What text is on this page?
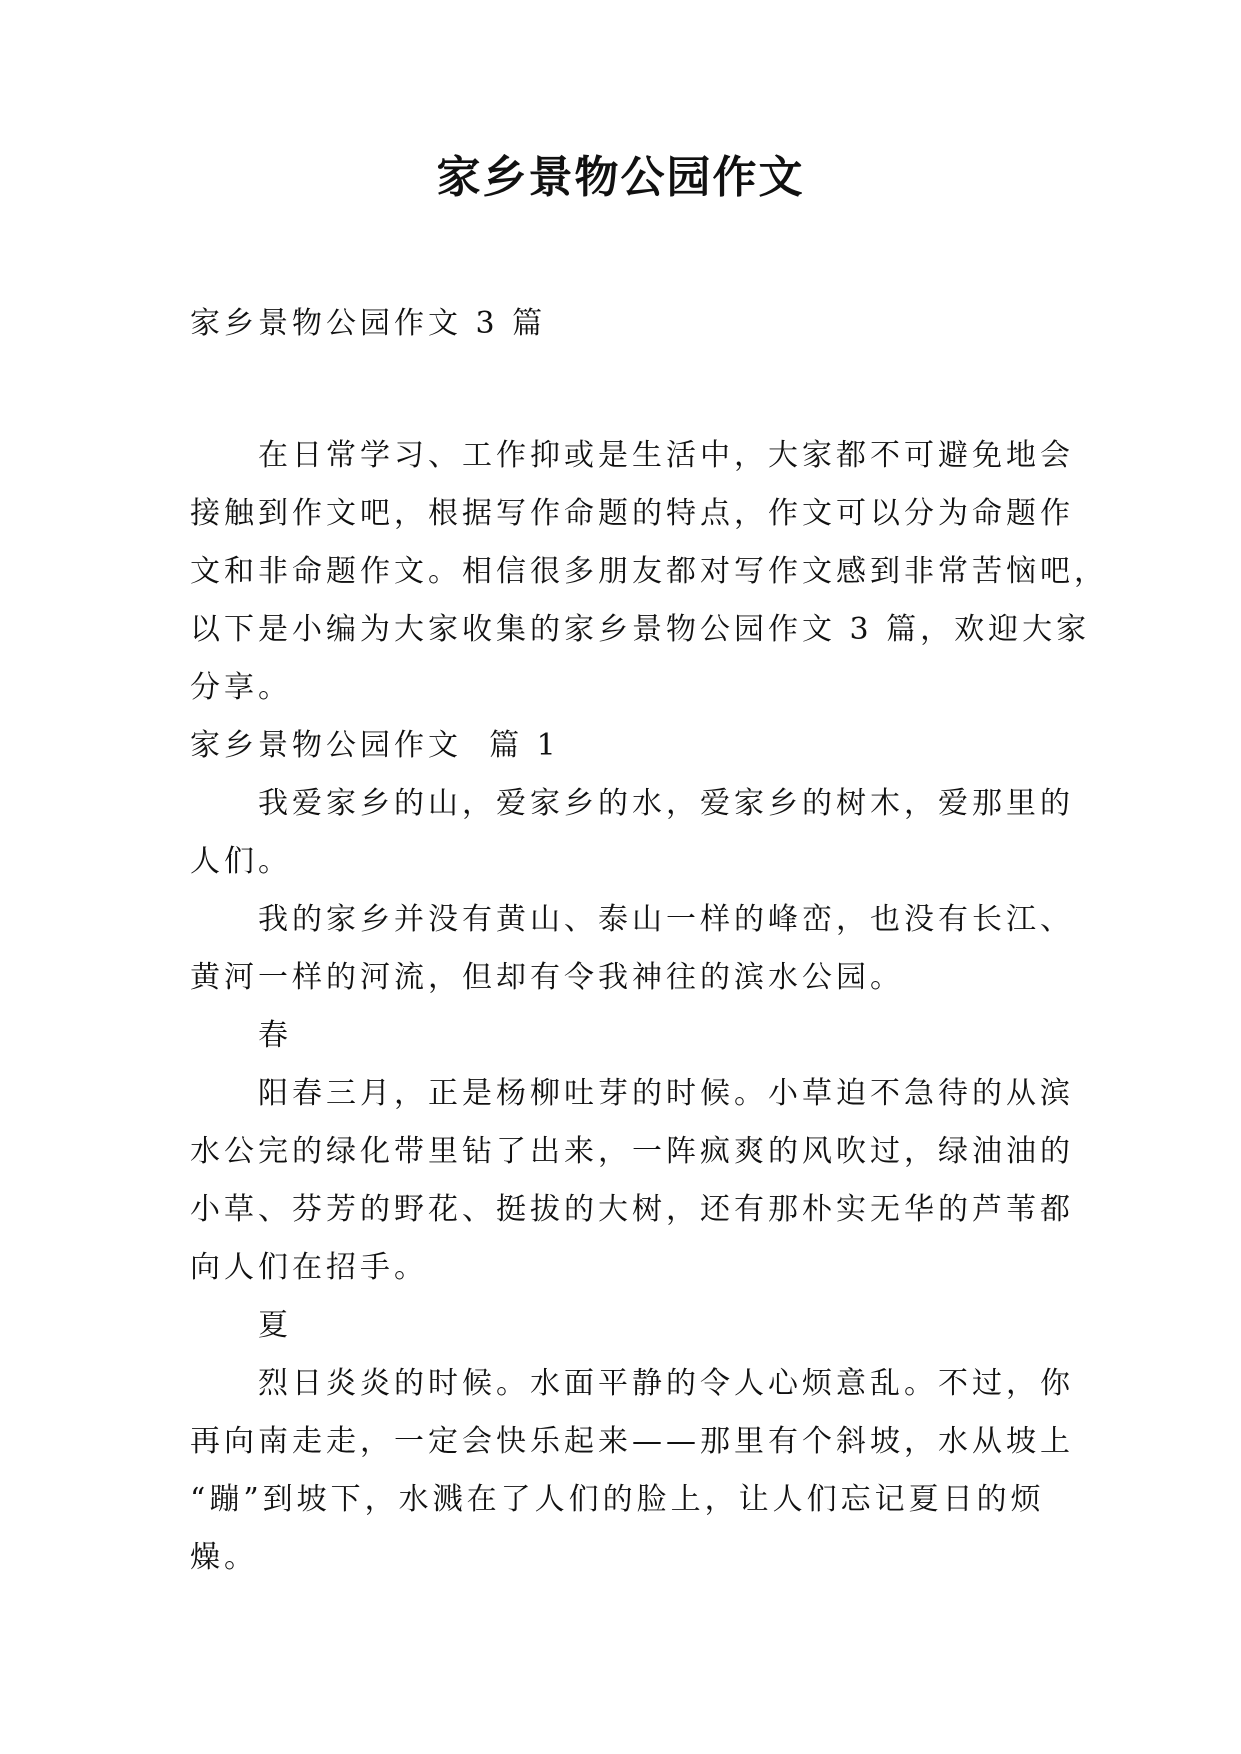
家乡景物公园作文

家乡景物公园作文 3 篇

　　在日常学习、工作抑或是生活中，大家都不可避免地会

接触到作文吧，根据写作命题的特点，作文可以分为命题作

文和非命题作文。相信很多朋友都对写作文感到非常苦恼吧，

以下是小编为大家收集的家乡景物公园作文 3 篇，欢迎大家

分享。

家乡景物公园作文  篇 1

　　我爱家乡的山，爱家乡的水，爱家乡的树木，爱那里的

人们。

　　我的家乡并没有黄山、泰山一样的峰峦，也没有长江、

黄河一样的河流，但却有令我神往的滨水公园。

　　春

　　阳春三月，正是杨柳吐芽的时候。小草迫不急待的从滨

水公完的绿化带里钻了出来，一阵疯爽的风吹过，绿油油的

小草、芬芳的野花、挺拔的大树，还有那朴实无华的芦苇都

向人们在招手。

　　夏

　　烈日炎炎的时候。水面平静的令人心烦意乱。不过，你

再向南走走，一定会快乐起来——那里有个斜坡，水从坡上

“蹦”到坡下，水溅在了人们的脸上，让人们忘记夏日的烦

燥。
